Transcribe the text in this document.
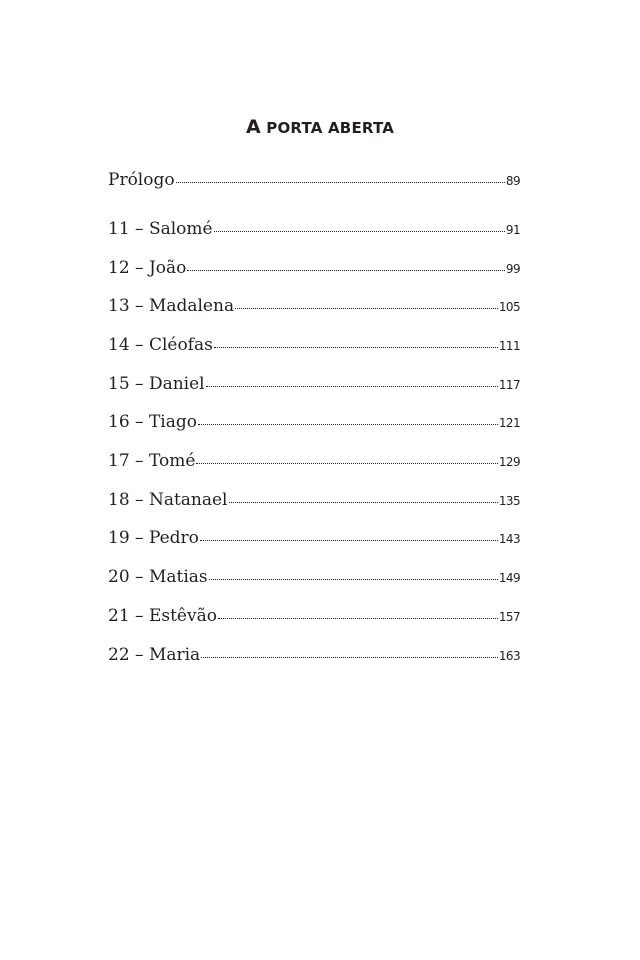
A PORTA ABERTA
Prólogo	89
11 – Salomé	91
12 – João	99
13 – Madalena	105
14 – Cléofas	111
15 – Daniel	117
16 – Tiago	121
17 – Tomé	129
18 – Natanael	135
19 – Pedro	143
20 – Matias	149
21 – Estêvão	157
22 – Maria	163
